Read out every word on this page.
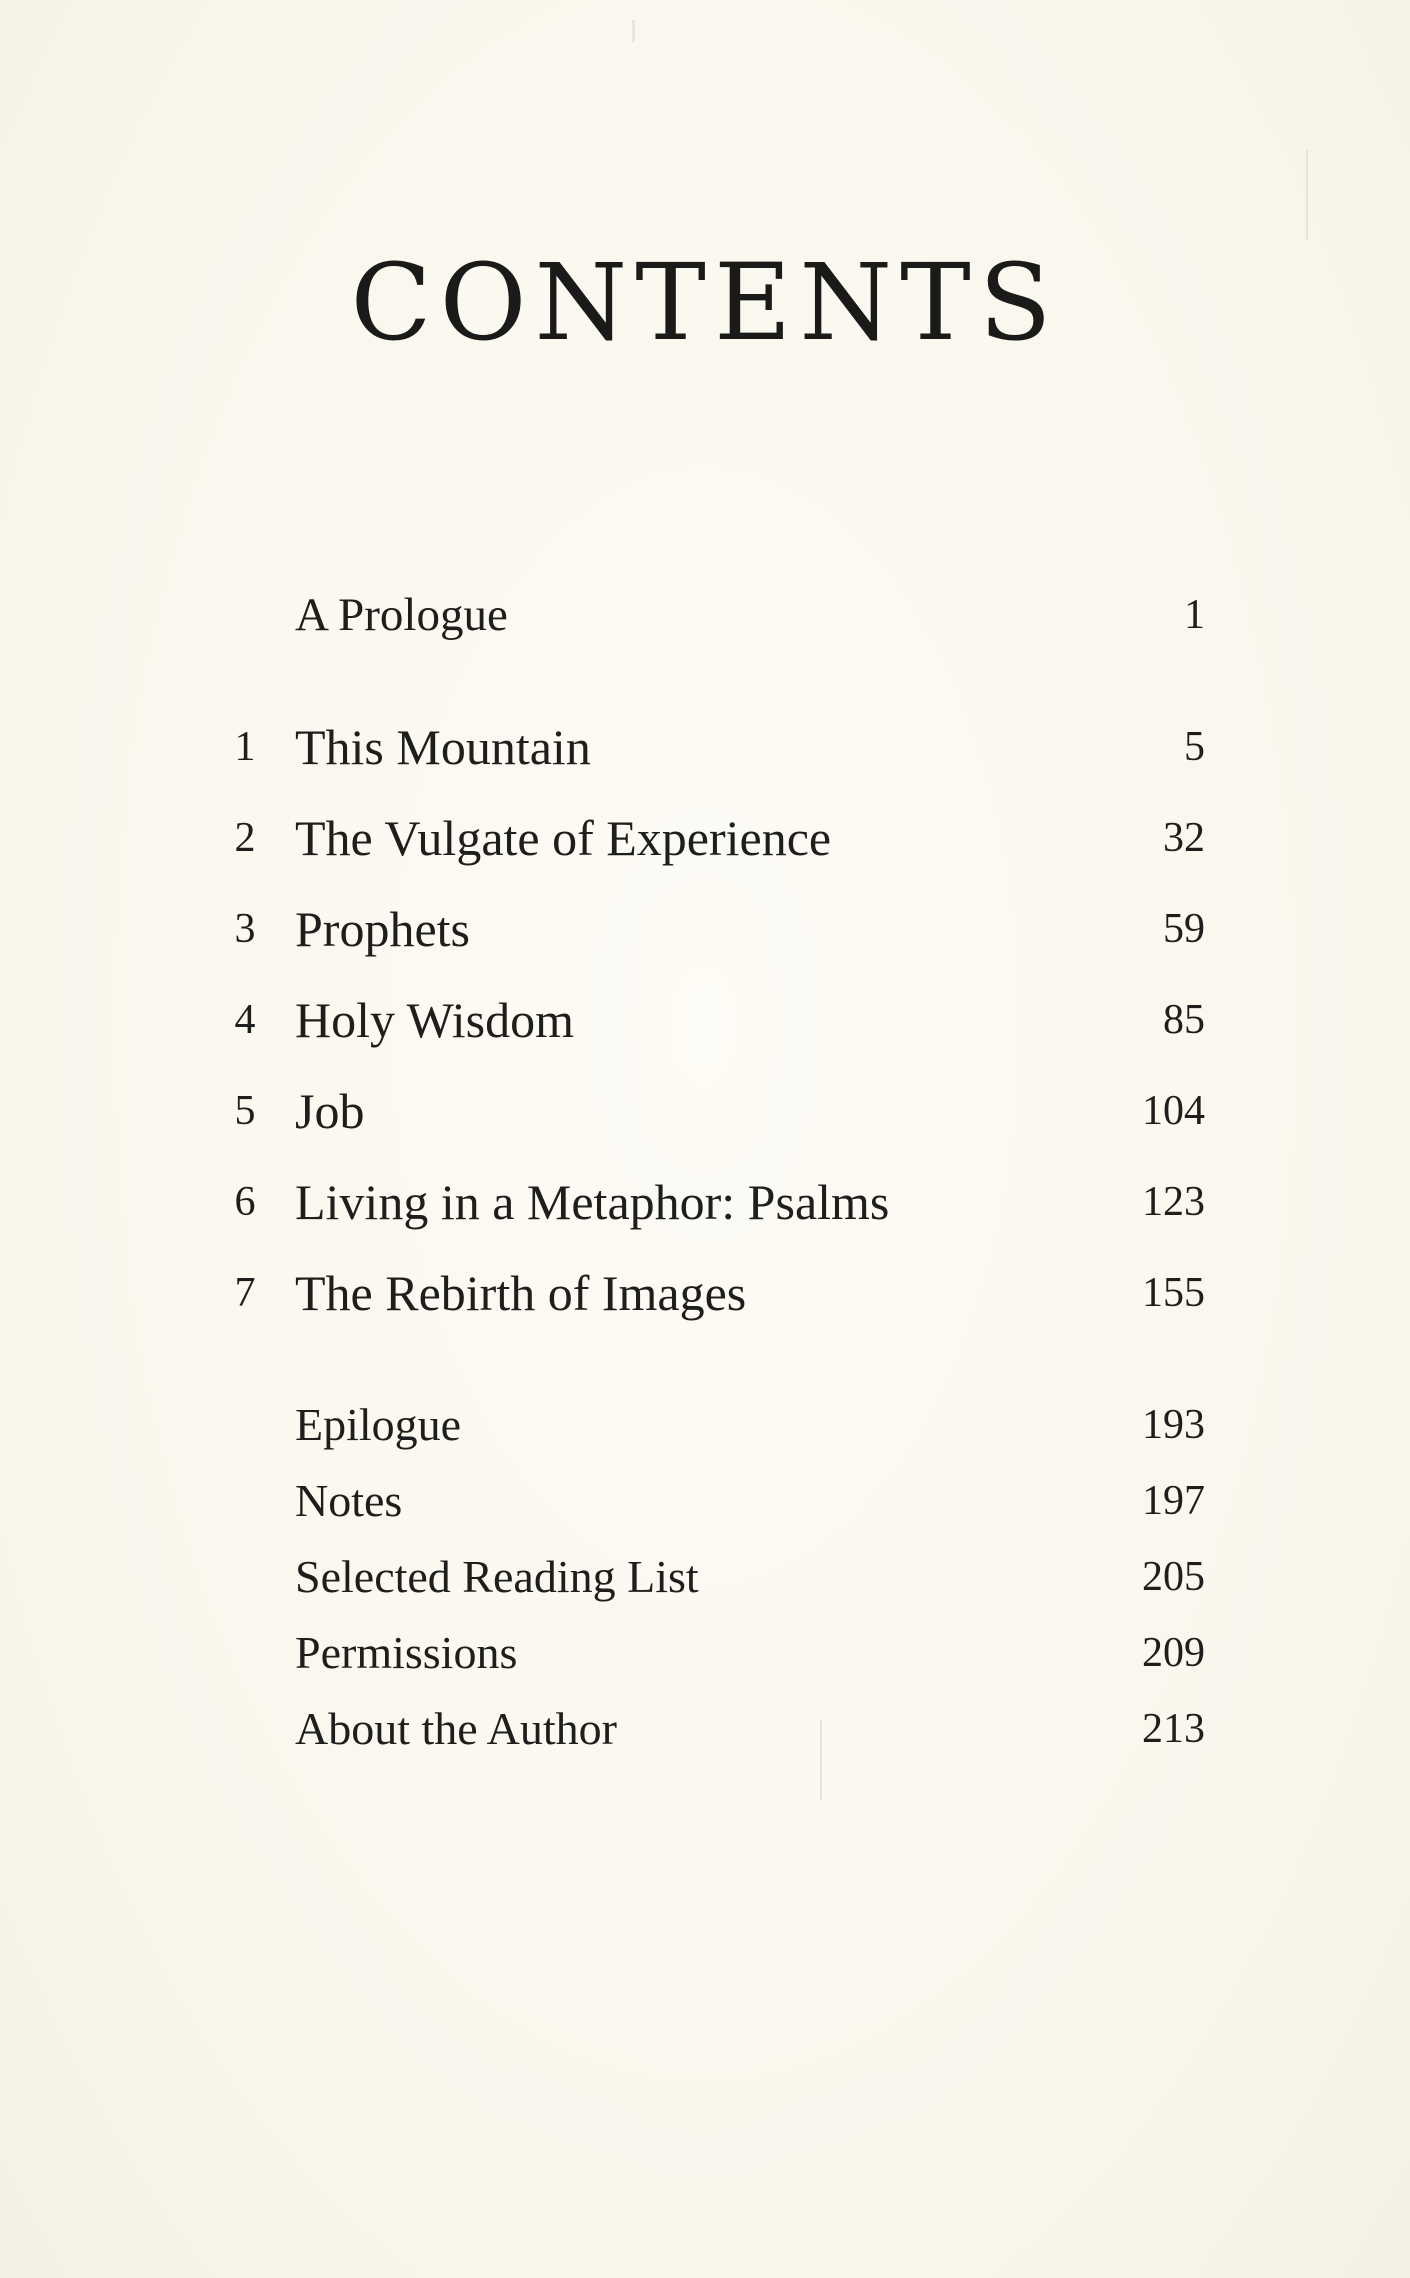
CONTENTS
A Prologue	1
1 This Mountain	5
2 The Vulgate of Experience	32
3 Prophets	59
4 Holy Wisdom	85
5 Job	104
6 Living in a Metaphor: Psalms	123
7 The Rebirth of Images	155
Epilogue	193
Notes	197
Selected Reading List	205
Permissions	209
About the Author	213
